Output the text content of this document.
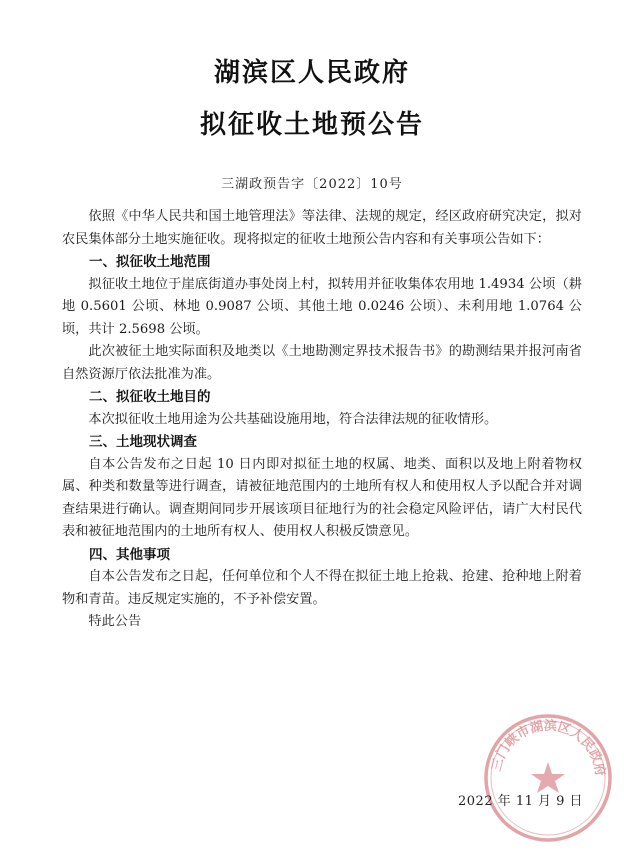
湖滨区人民政府
拟征收土地预公告
三湖政预告字〔2022〕10号

依照《中华人民共和国土地管理法》等法律、法规的规定，经区政府研究决定，拟对农民集体部分土地实施征收。现将拟定的征收土地预公告内容和有关事项公告如下：

一、拟征收土地范围

拟征收土地位于崖底街道办事处岗上村，拟转用并征收集体农用地 1.4934 公顷（耕地 0.5601 公顷、林地 0.9087 公顷、其他土地 0.0246 公顷）、未利用地 1.0764 公顷，共计 2.5698 公顷。

此次被征土地实际面积及地类以《土地勘测定界技术报告书》的勘测结果并报河南省自然资源厅依法批准为准。

二、拟征收土地目的

本次拟征收土地用途为公共基础设施用地，符合法律法规的征收情形。

三、土地现状调查

自本公告发布之日起 10 日内即对拟征土地的权属、地类、面积以及地上附着物权属、种类和数量等进行调查，请被征地范围内的土地所有权人和使用权人予以配合并对调查结果进行确认。调查期间同步开展该项目征地行为的社会稳定风险评估，请广大村民代表和被征地范围内的土地所有权人、使用权人积极反馈意见。

四、其他事项

自本公告发布之日起，任何单位和个人不得在拟征土地上抢栽、抢建、抢种地上附着物和青苗。违反规定实施的，不予补偿安置。

特此公告

三门峡市湖滨区人民政府
2022 年 11 月 9 日
